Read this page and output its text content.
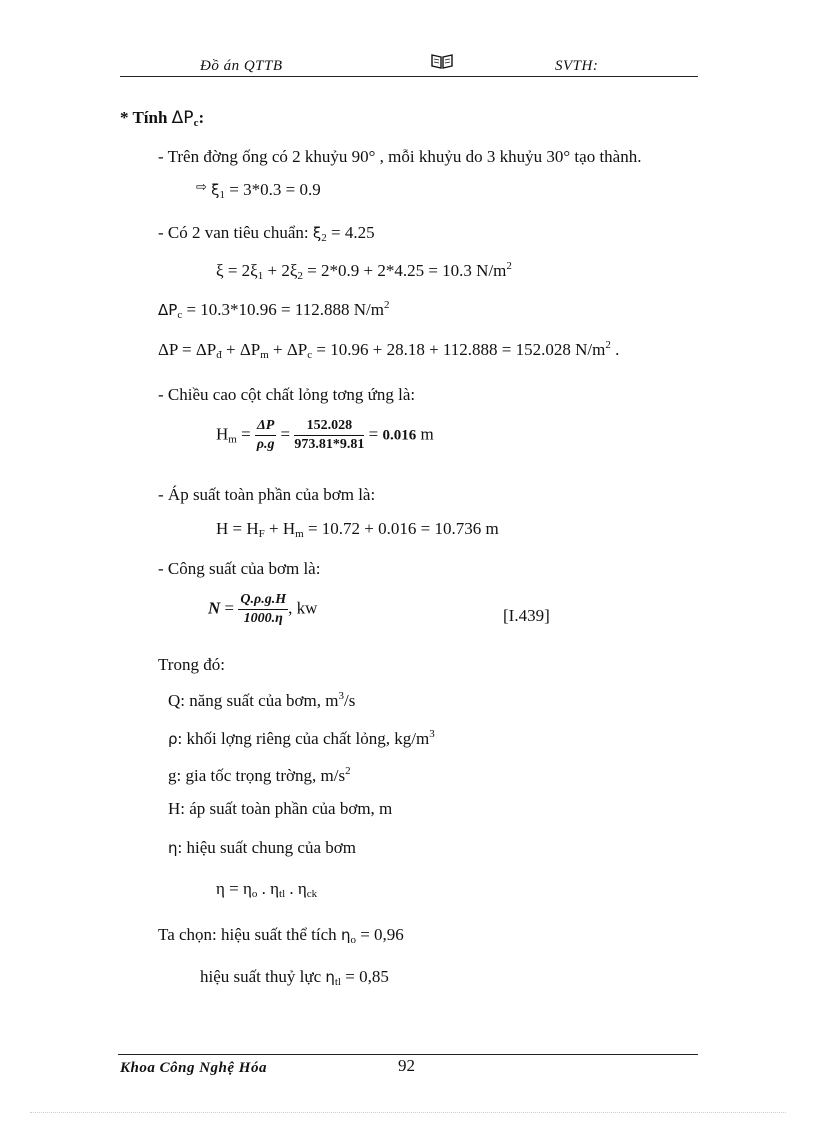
Đồ án QTTB	SVTH:
* Tính $\Delta P_c$:
- Trên đờng ống có 2 khuỷu 90° , mỗi khuỷu do 3 khuỷu 30° tạo thành.
⇨ $\xi_1 = 3*0.3 = 0.9$
- Có 2 van tiêu chuẩn: $\xi_2 = 4.25$
$\xi = 2\xi_1 + 2\xi_2 = 2*0.9 + 2*4.25 = 10.3$ $N/m^2$
$\Delta P_c = 10.3*10.96 = 112.888$ $N/m^2$
$\Delta P = \Delta P_đ + \Delta P_m + \Delta P_c = 10.96 + 28.18 + 112.888 = 152.028$ $N/m^2$ .
- Chiều cao cột chất lỏng tơng ứng là:
$H_m = \frac{\Delta P}{\rho.g} = \frac{152.028}{973.81*9.81} = 0.016$ m
- Áp suất toàn phần của bơm là:
$H = H_F + H_m = 10.72 + 0.016 = 10.736$ m
- Công suất của bơm là:
$N = \frac{Q.\rho.g.H}{1000.\eta}$ , kw	[I.439]
Trong đó:
Q: năng suất của bơm, $m^3/s$
ρ: khối lợng riêng của chất lỏng, $kg/m^3$
g: gia tốc trọng trờng, $m/s^2$
H: áp suất toàn phần của bơm, m
η: hiệu suất chung của bơm
$\eta = \eta_o$ . $\eta_{tl}$ . $\eta_{ck}$
Ta chọn: hiệu suất thể tích $\eta_o = 0,96$
hiệu suất thuỷ lực $\eta_{tl} = 0,85$
Khoa Công Nghệ Hóa	92
